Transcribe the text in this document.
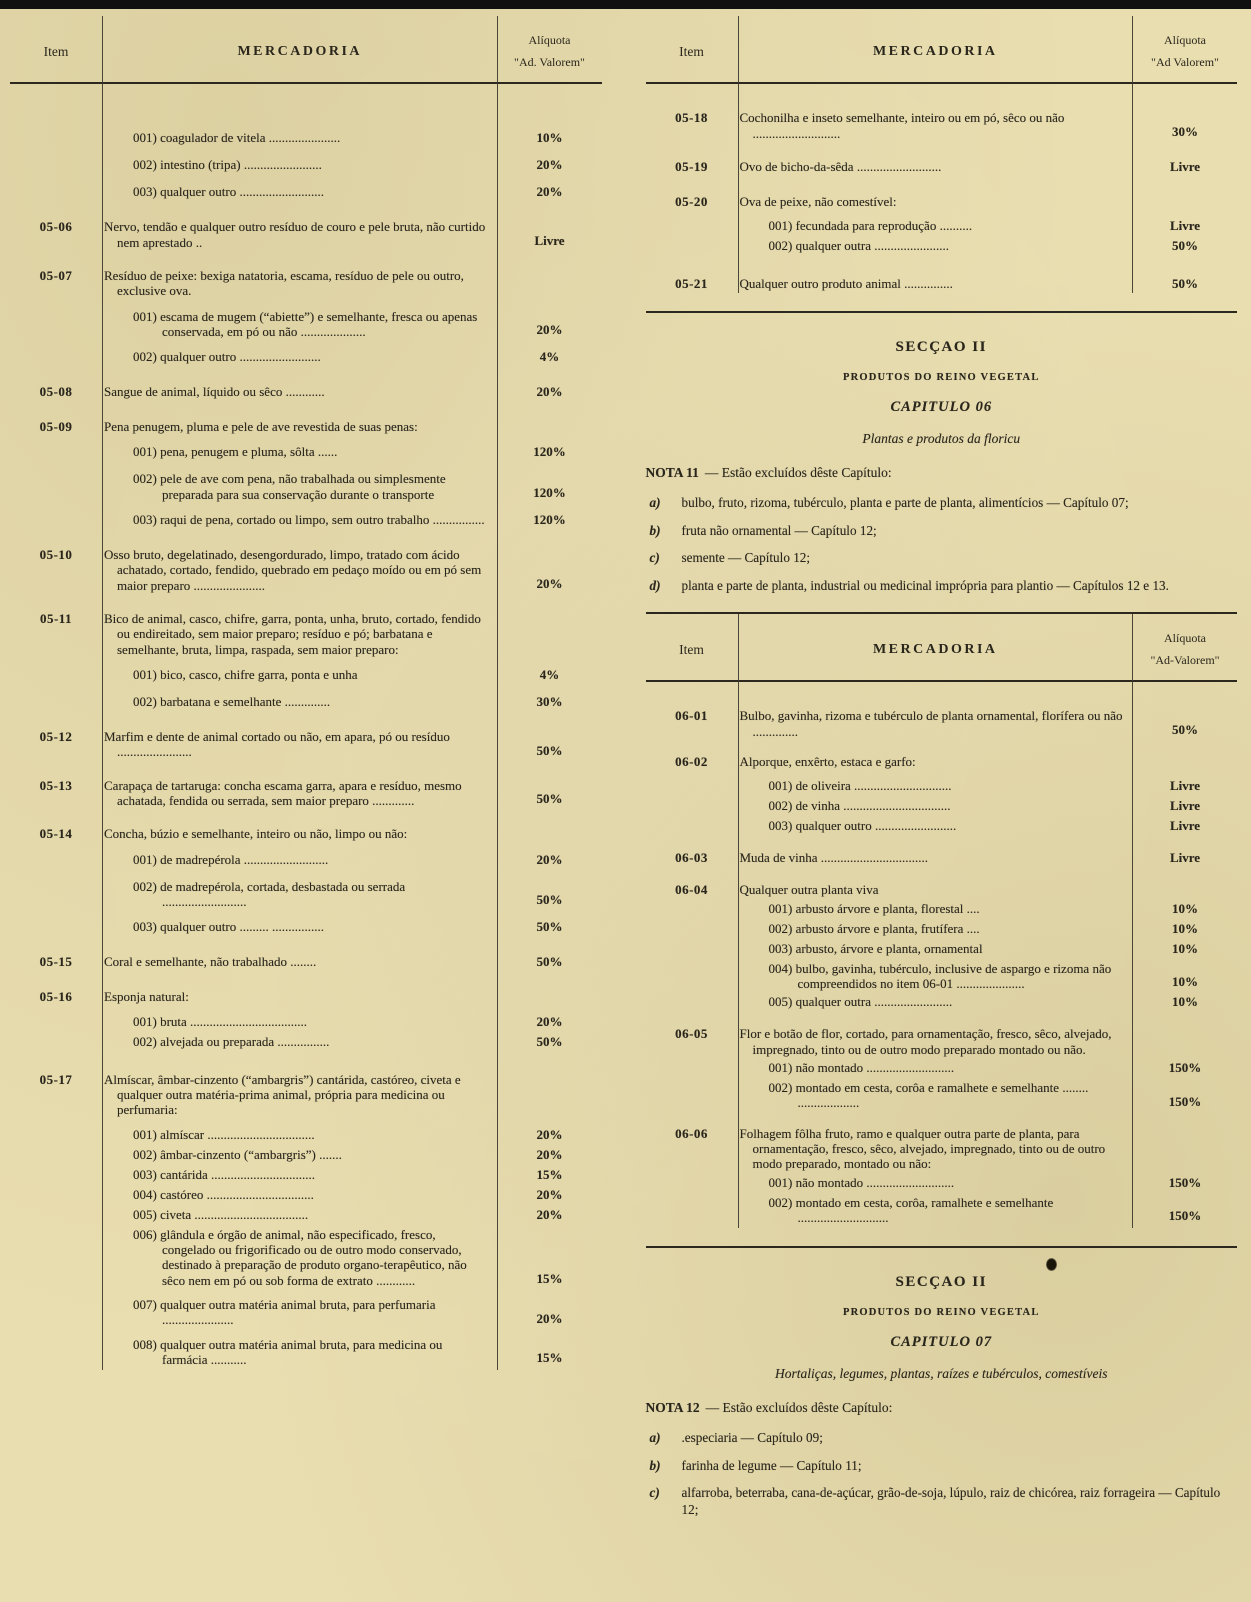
Item	MERCADORIA
Alíquota
"Ad. Valorem"
001) coagulador de vitela ......................	10%
002) intestino (tripa) ........................	20%
003) qualquer outro ..........................	20%
05-06	Nervo, tendão e qualquer outro resíduo de couro e pele bruta, não curtido nem aprestado ..	Livre
05-07	Resíduo de peixe: bexiga natatoria, escama, resíduo de pele ou outro, exclusive ova.
001) escama de mugem (“abiette”) e semelhante, fresca ou apenas conservada, em pó ou não ....................	20%
002) qualquer outro .........................	4%
05-08	Sangue de animal, líquido ou sêco ............	20%
05-09	Pena penugem, pluma e pele de ave revestida de suas penas:
001) pena, penugem e pluma, sôlta ......	120%
002) pele de ave com pena, não trabalhada ou simplesmente preparada para sua conservação durante o transporte	120%
003) raqui de pena, cortado ou limpo, sem outro trabalho ................	120%
05-10	Osso bruto, degelatinado, desengordurado, limpo, tratado com ácido achatado, cortado, fendido, quebrado em pedaço moído ou em pó sem maior preparo ......................	20%
05-11	Bico de animal, casco, chifre, garra, ponta, unha, bruto, cortado, fendido ou endireitado, sem maior preparo; resíduo e pó; barbatana e semelhante, bruta, limpa, raspada, sem maior preparo:
001) bico, casco, chifre garra, ponta e unha	4%
002) barbatana e semelhante ..............	30%
05-12	Marfim e dente de animal cortado ou não, em apara, pó ou resíduo .......................	50%
05-13	Carapaça de tartaruga: concha escama garra, apara e resíduo, mesmo achatada, fendida ou serrada, sem maior preparo .............	50%
05-14	Concha, búzio e semelhante, inteiro ou não, limpo ou não:
001) de madrepérola ..........................	20%
002) de madrepérola, cortada, desbastada ou serrada ..........................	50%
003) qualquer outro ......... ................	50%
05-15	Coral e semelhante, não trabalhado ........	50%
05-16	Esponja natural:
001) bruta ....................................	20%
002) alvejada ou preparada ................	50%
05-17	Almíscar, âmbar-cinzento (“ambargris”) cantárida, castóreo, civeta e qualquer outra matéria-prima animal, própria para medicina ou perfumaria:
001) almíscar .................................	20%
002) âmbar-cinzento (“ambargris”) .......	20%
003) cantárida ................................	15%
004) castóreo .................................	20%
005) civeta ...................................	20%
006) glândula e órgão de animal, não especificado, fresco, congelado ou frigorificado ou de outro modo conservado, destinado à preparação de produto organo-terapêutico, não sêco nem em pó ou sob forma de extrato ............	15%
007) qualquer outra matéria animal bruta, para perfumaria ......................	20%
008) qualquer outra matéria animal bruta, para medicina ou farmácia ...........	15%
Item	MERCADORIA
Alíquota
"Ad Valorem"
05-18	Cochonilha e inseto semelhante, inteiro ou em pó, sêco ou não ...........................	30%
05-19	Ovo de bicho-da-sêda ..........................	Livre
05-20	Ova de peixe, não comestível:
001) fecundada para reprodução ..........	Livre
002) qualquer outra .......................	50%
05-21	Qualquer outro produto animal ...............	50%
SECÇAO II
PRODUTOS DO REINO VEGETAL
CAPITULO 06
Plantas e produtos da floricu
NOTA 11 — Estão excluídos dêste Capítulo:
a)	bulbo, fruto, rizoma, tubérculo, planta e parte de planta, alimentícios — Capítulo 07;
b)	fruta não ornamental — Capítulo 12;
c)	semente — Capítulo 12;
d)	planta e parte de planta, industrial ou medicinal imprópria para plantio — Capítulos 12 e 13.
Item	MERCADORIA
Alíquota
"Ad-Valorem"
06-01	Bulbo, gavinha, rizoma e tubérculo de planta ornamental, florífera ou não ..............	50%
06-02	Alporque, enxêrto, estaca e garfo:
001) de oliveira ..............................	Livre
002) de vinha .................................	Livre
003) qualquer outro .........................	Livre
06-03	Muda de vinha .................................	Livre
06-04	Qualquer outra planta viva
001) arbusto árvore e planta, florestal ....	10%
002) arbusto árvore e planta, frutífera ....	10%
003) arbusto, árvore e planta, ornamental	10%
004) bulbo, gavinha, tubérculo, inclusive de aspargo e rizoma não compreendidos no item 06-01 .....................	10%
005) qualquer outra ........................	10%
06-05	Flor e botão de flor, cortado, para ornamentação, fresco, sêco, alvejado, impregnado, tinto ou de outro modo preparado montado ou não.
001) não montado ...........................	150%
002) montado em cesta, corôa e ramalhete e semelhante ........ ...................	150%
06-06	Folhagem fôlha fruto, ramo e qualquer outra parte de planta, para ornamentação, fresco, sêco, alvejado, impregnado, tinto ou de outro modo preparado, montado ou não:
001) não montado ...........................	150%
002) montado em cesta, corôa, ramalhete e semelhante ............................	150%
SECÇAO II
PRODUTOS DO REINO VEGETAL
CAPITULO 07
Hortaliças, legumes, plantas, raízes e tubérculos, comestíveis
NOTA 12 — Estão excluídos dêste Capítulo:
a)	.especiaria — Capítulo 09;
b)	farinha de legume — Capítulo 11;
c)	alfarroba, beterraba, cana-de-açúcar, grão-de-soja, lúpulo, raiz de chicórea, raiz forrageira — Capítulo 12;
